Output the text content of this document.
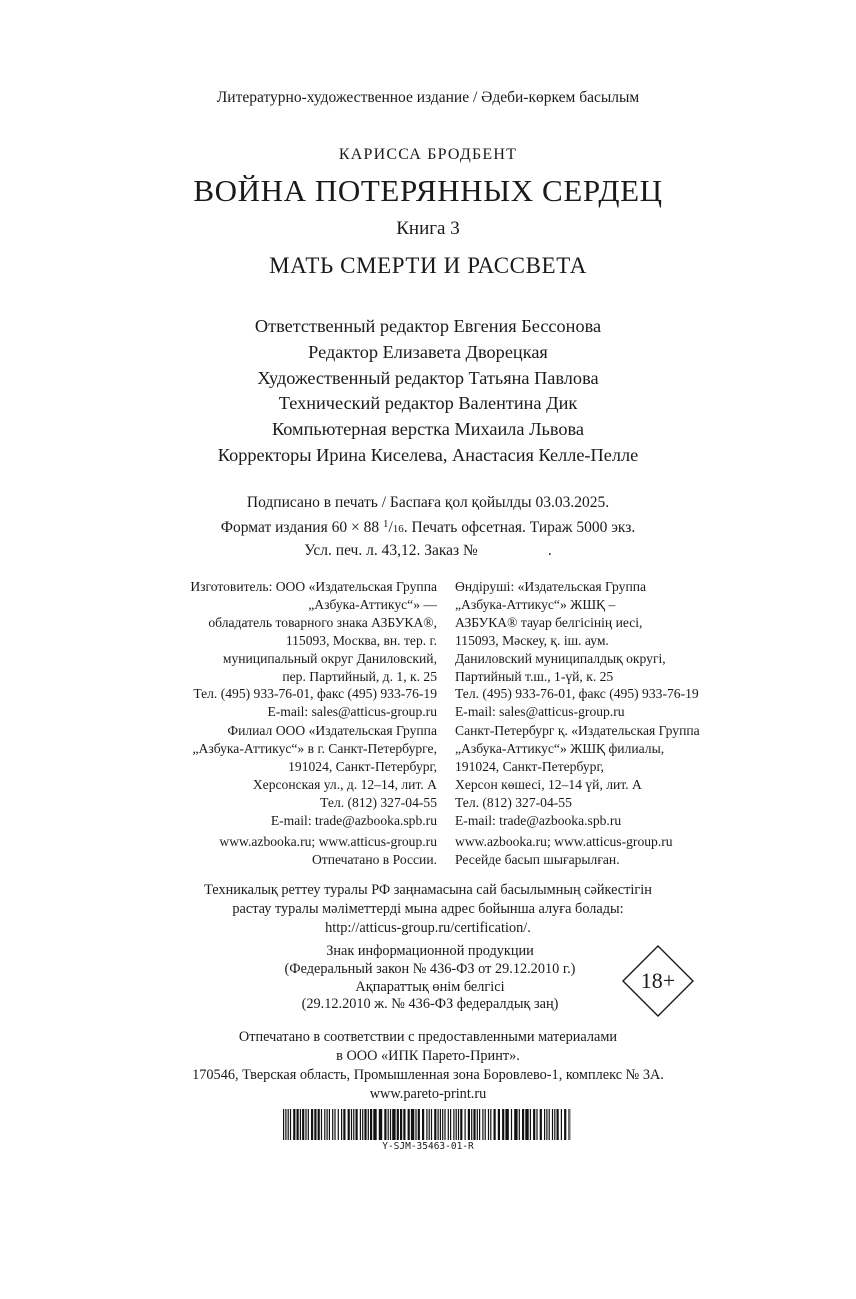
Литературно-художественное издание / Әдеби-көркем басылым
КАРИССА БРОДБЕНТ
ВОЙНА ПОТЕРЯННЫХ СЕРДЕЦ
Книга 3
МАТЬ СМЕРТИ И РАССВЕТА
Ответственный редактор Евгения Бессонова
Редактор Елизавета Дворецкая
Художественный редактор Татьяна Павлова
Технический редактор Валентина Дик
Компьютерная верстка Михаила Львова
Корректоры Ирина Киселева, Анастасия Келле-Пелле
Подписано в печать / Баспаға қол қойылды 03.03.2025.
Формат издания 60 × 88 $^1$/16. Печать офсетная. Тираж 5000 экз.
Усл. печ. л. 43,12. Заказ №	.
Изготовитель: ООО «Издательская Группа
„Азбука-Аттикус“» —
обладатель товарного знака АЗБУКА®,
115093, Москва, вн. тер. г.
муниципальный округ Даниловский,
пер. Партийный, д. 1, к. 25
Тел. (495) 933-76-01, факс (495) 933-76-19
E-mail: sales@atticus-group.ru
Өндіруші: «Издательская Группа
„Азбука-Аттикус“» ЖШҚ –
АЗБУКА® тауар белгісінің иесі,
115093, Мәскеу, қ. іш. аум.
Даниловский муниципалдық округі,
Партийный т.ш., 1-үй, к. 25
Тел. (495) 933-76-01, факс (495) 933-76-19
E-mail: sales@atticus-group.ru
Филиал ООО «Издательская Группа
„Азбука-Аттикус“» в г. Санкт-Петербурге,
191024, Санкт-Петербург,
Херсонская ул., д. 12–14, лит. А
Тел. (812) 327-04-55
E-mail: trade@azbooka.spb.ru
Санкт-Петербург қ. «Издательская Группа
„Азбука-Аттикус“» ЖШҚ филиалы,
191024, Санкт-Петербург,
Херсон көшесі, 12–14 үй, лит. А
Тел. (812) 327-04-55
E-mail: trade@azbooka.spb.ru
www.azbooka.ru; www.atticus-group.ru
Отпечатано в России.
www.azbooka.ru; www.atticus-group.ru
Ресейде басып шығарылған.
Техникалық реттеу туралы РФ заңнамасына сай басылымның сәйкестігін
растау туралы мәліметтерді мына адрес бойынша алуға болады:
http://atticus-group.ru/certification/.
Знак информационной продукции
(Федеральный закон № 436-ФЗ от 29.12.2010 г.)
Ақпараттық өнім белгісі
(29.12.2010 ж. № 436-ФЗ федералдық заң)
18+
Отпечатано в соответствии с предоставленными материалами
в ООО «ИПК Парето-Принт».
170546, Тверская область, Промышленная зона Боровлево-1, комплекс № 3А.
www.pareto-print.ru
Y-SJM-35463-01-R
